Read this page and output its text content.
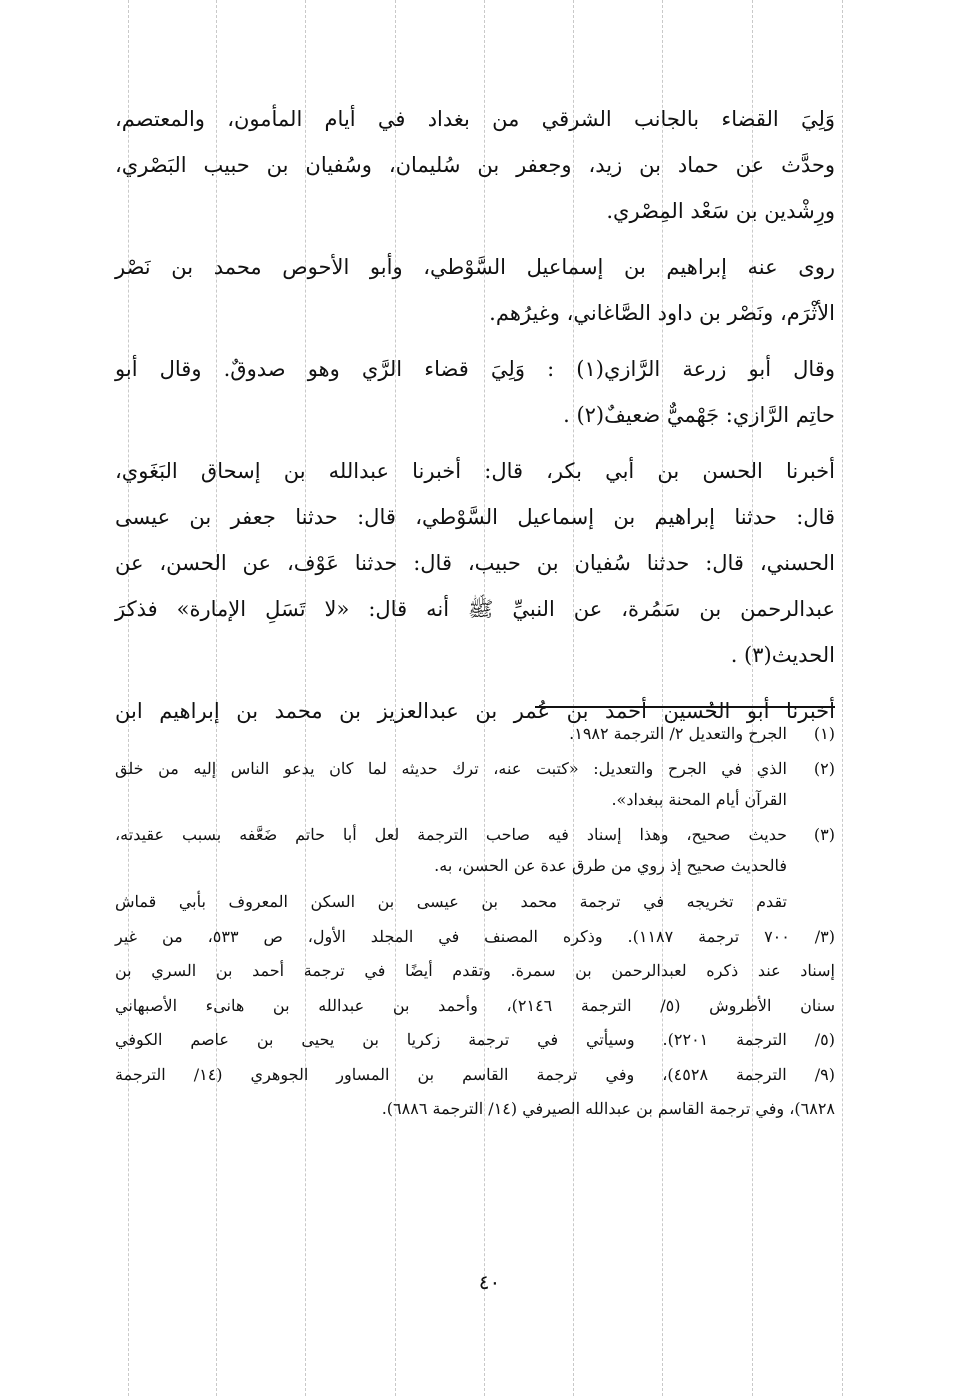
وَلِيَ القضاء بالجانب الشرقي من بغداد في أيام المأمون، والمعتصم،
وحدَّث عن حماد بن زيد، وجعفر بن سُليمان، وسُفيان بن حبيب البَصْري،
ورِشْدين بن سَعْد المِصْري.

روى عنه إبراهيم بن إسماعيل السَّوْطي، وأبو الأحوص محمد بن نَصْر
الأثْرَم، ونَصْر بن داود الصَّاغاني، وغيرُهم.

وقال أبو زرعة الرَّازي(١) : وَلِيَ قضاء الرَّي وهو صدوقٌ. وقال أبو
حاتِم الرَّازي: جَهْميٌّ ضعيفٌ(٢) .

أخبرنا الحسن بن أبي بكر، قال: أخبرنا عبدالله بن إسحاق البَغَوي،
قال: حدثنا إبراهيم بن إسماعيل السَّوْطي، قال: حدثنا جعفر بن عيسى
الحسني، قال: حدثنا سُفيان بن حبيب، قال: حدثنا عَوْف، عن الحسن، عن
عبدالرحمن بن سَمُرة، عن النبيِّ ﷺ أنه قال: «لا تَسَلِ الإمارة» فذكرَ
الحديث(٣) .

أخبرنا أبو الحُسين أحمد بن عُمر بن عبدالعزيز بن محمد بن إبراهيم ابن

(١)
الجرح والتعديل ٢/ الترجمة ١٩٨٢.
(٢)
الذي في الجرح والتعديل: «كتبت عنه، ترك حديثه لما كان يدعو الناس إليه من خلق
القرآن أيام المحنة ببغداد».
(٣)
حديث صحيح، وهذا إسناد فيه صاحب الترجمة لعل أبا حاتم ضَعَّفه بسبب عقيدته،
فالحديث صحيح إذ روي من طرق عدة عن الحسن، به.
تقدم تخريجه في ترجمة محمد بن عيسى بن السكن المعروف بأبي قماش
(٣/ ٧٠٠ ترجمة ١١٨٧). وذكره المصنف في المجلد الأول، ص ٥٣٣، من غير
إسناد عند ذكره لعبدالرحمن بن سمرة. وتقدم أيضًا في ترجمة أحمد بن السري بن
سنان الأطروش (٥/ الترجمة ٢١٤٦)، وأحمد بن عبدالله بن هانىء الأصبهاني
(٥/ الترجمة ٢٢٠١). وسيأتي في ترجمة زكريا بن يحيى بن عاصم الكوفي
(٩/ الترجمة ٤٥٢٨)، وفي ترجمة القاسم بن المساور الجوهري (١٤/ الترجمة
٦٨٢٨)، وفي ترجمة القاسم بن عبدالله الصيرفي (١٤/ الترجمة ٦٨٨٦).
٤٠
